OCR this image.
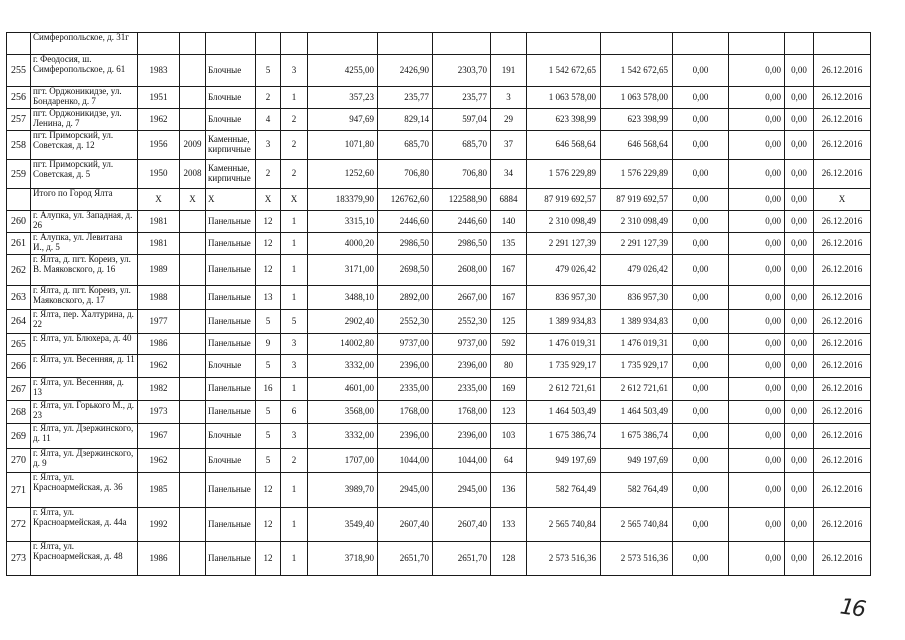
	Симферопольское, д. 31г															
255	г. Феодосия, ш. Симферопольское, д. 61	1983		Блочные	5	3	4255,00	2426,90	2303,70	191	1 542 672,65	1 542 672,65	0,00	0,00	0,00	26.12.2016
256	пгт. Орджоникидзе, ул. Бондаренко, д. 7	1951		Блочные	2	1	357,23	235,77	235,77	3	1 063 578,00	1 063 578,00	0,00	0,00	0,00	26.12.2016
257	пгт. Орджоникидзе, ул. Ленина, д. 7	1962		Блочные	4	2	947,69	829,14	597,04	29	623 398,99	623 398,99	0,00	0,00	0,00	26.12.2016
258	пгт. Приморский, ул. Советская, д. 12	1956	2009	Каменные, кирпичные	3	2	1071,80	685,70	685,70	37	646 568,64	646 568,64	0,00	0,00	0,00	26.12.2016
259	пгт. Приморский, ул. Советская, д. 5	1950	2008	Каменные, кирпичные	2	2	1252,60	706,80	706,80	34	1 576 229,89	1 576 229,89	0,00	0,00	0,00	26.12.2016
	Итого по Город Ялта	X	X	X	X	X	183379,90	126762,60	122588,90	6884	87 919 692,57	87 919 692,57	0,00	0,00	0,00	X
260	г. Алупка, ул. Западная, д. 26	1981		Панельные	12	1	3315,10	2446,60	2446,60	140	2 310 098,49	2 310 098,49	0,00	0,00	0,00	26.12.2016
261	г. Алупка, ул. Левитана И., д. 5	1981		Панельные	12	1	4000,20	2986,50	2986,50	135	2 291 127,39	2 291 127,39	0,00	0,00	0,00	26.12.2016
262	г. Ялта, д. пгт. Кореиз, ул. В. Маяковского, д. 16	1989		Панельные	12	1	3171,00	2698,50	2608,00	167	479 026,42	479 026,42	0,00	0,00	0,00	26.12.2016
263	г. Ялта, д. пгт. Кореиз, ул. Маяковского, д. 17	1988		Панельные	13	1	3488,10	2892,00	2667,00	167	836 957,30	836 957,30	0,00	0,00	0,00	26.12.2016
264	г. Ялта, пер. Халтурина, д. 22	1977		Панельные	5	5	2902,40	2552,30	2552,30	125	1 389 934,83	1 389 934,83	0,00	0,00	0,00	26.12.2016
265	г. Ялта, ул. Блюхера, д. 40	1986		Панельные	9	3	14002,80	9737,00	9737,00	592	1 476 019,31	1 476 019,31	0,00	0,00	0,00	26.12.2016
266	г. Ялта, ул. Весенняя, д. 11	1962		Блочные	5	3	3332,00	2396,00	2396,00	80	1 735 929,17	1 735 929,17	0,00	0,00	0,00	26.12.2016
267	г. Ялта, ул. Весенняя, д. 13	1982		Панельные	16	1	4601,00	2335,00	2335,00	169	2 612 721,61	2 612 721,61	0,00	0,00	0,00	26.12.2016
268	г. Ялта, ул. Горького М., д. 23	1973		Панельные	5	6	3568,00	1768,00	1768,00	123	1 464 503,49	1 464 503,49	0,00	0,00	0,00	26.12.2016
269	г. Ялта, ул. Дзержинского, д. 11	1967		Блочные	5	3	3332,00	2396,00	2396,00	103	1 675 386,74	1 675 386,74	0,00	0,00	0,00	26.12.2016
270	г. Ялта, ул. Дзержинского, д. 9	1962		Блочные	5	2	1707,00	1044,00	1044,00	64	949 197,69	949 197,69	0,00	0,00	0,00	26.12.2016
271	г. Ялта, ул. Красноармейская, д. 36	1985		Панельные	12	1	3989,70	2945,00	2945,00	136	582 764,49	582 764,49	0,00	0,00	0,00	26.12.2016
272	г. Ялта, ул. Красноармейская, д. 44а	1992		Панельные	12	1	3549,40	2607,40	2607,40	133	2 565 740,84	2 565 740,84	0,00	0,00	0,00	26.12.2016
273	г. Ялта, ул. Красноармейская, д. 48	1986		Панельные	12	1	3718,90	2651,70	2651,70	128	2 573 516,36	2 573 516,36	0,00	0,00	0,00	26.12.2016
16
